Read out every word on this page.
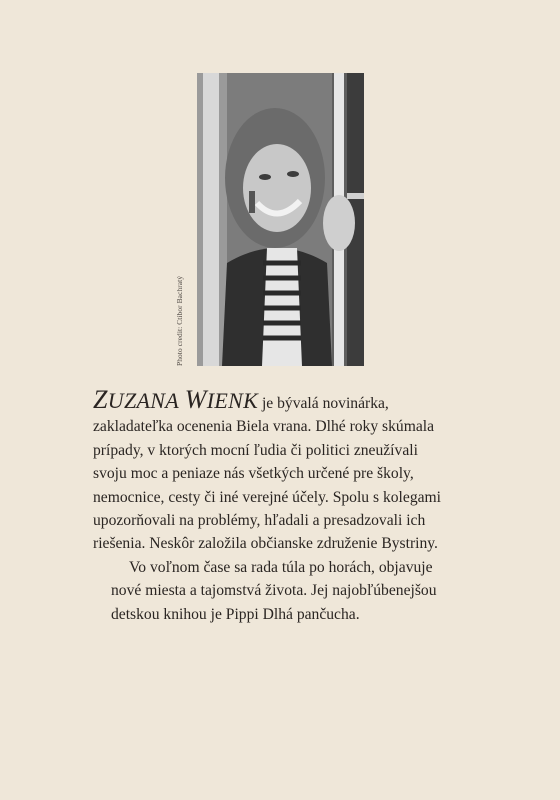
Photo credit: Ctibor Bachratý

ZUZANA WIENK je bývalá novinárka,
zakladateľka ocenenia Biela vrana. Dlhé roky skúmala
prípady, v ktorých mocní ľudia či politici zneužívali
svoju moc a peniaze nás všetkých určené pre školy,
nemocnice, cesty či iné verejné účely. Spolu s kolegami
upozorňovali na problémy, hľadali a presadzovali ich
riešenia. Neskôr založila občianske združenie Bystriny.

Vo voľnom čase sa rada túla po horách, objavuje
nové miesta a tajomstvá života. Jej najobľúbenejšou
detskou knihou je Pippi Dlhá pančucha.
